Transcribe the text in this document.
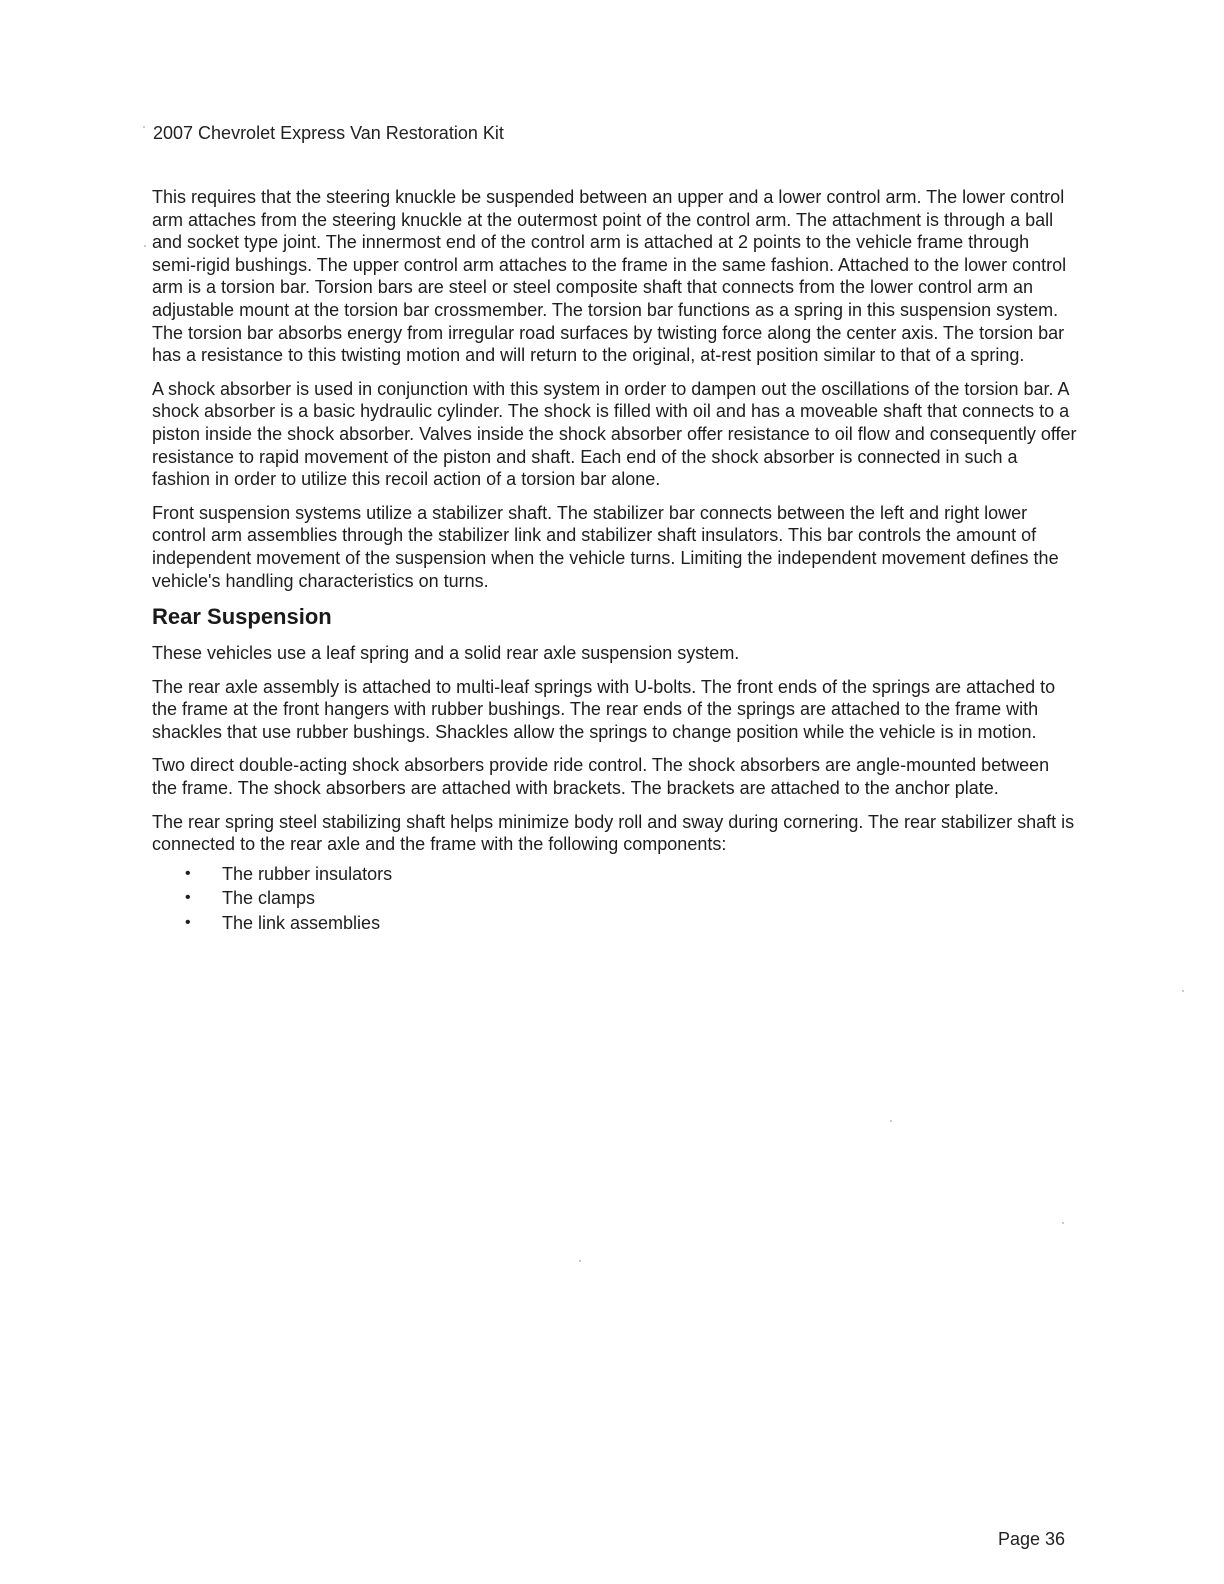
2007 Chevrolet Express Van Restoration Kit

This requires that the steering knuckle be suspended between an upper and a lower control arm. The lower control arm attaches from the steering knuckle at the outermost point of the control arm. The attachment is through a ball and socket type joint. The innermost end of the control arm is attached at 2 points to the vehicle frame through semi-rigid bushings. The upper control arm attaches to the frame in the same fashion. Attached to the lower control arm is a torsion bar. Torsion bars are steel or steel composite shaft that connects from the lower control arm an adjustable mount at the torsion bar crossmember. The torsion bar functions as a spring in this suspension system. The torsion bar absorbs energy from irregular road surfaces by twisting force along the center axis. The torsion bar has a resistance to this twisting motion and will return to the original, at-rest position similar to that of a spring.

A shock absorber is used in conjunction with this system in order to dampen out the oscillations of the torsion bar. A shock absorber is a basic hydraulic cylinder. The shock is filled with oil and has a moveable shaft that connects to a piston inside the shock absorber. Valves inside the shock absorber offer resistance to oil flow and consequently offer resistance to rapid movement of the piston and shaft. Each end of the shock absorber is connected in such a fashion in order to utilize this recoil action of a torsion bar alone.

Front suspension systems utilize a stabilizer shaft. The stabilizer bar connects between the left and right lower control arm assemblies through the stabilizer link and stabilizer shaft insulators. This bar controls the amount of independent movement of the suspension when the vehicle turns. Limiting the independent movement defines the vehicle's handling characteristics on turns.

Rear Suspension

These vehicles use a leaf spring and a solid rear axle suspension system.

The rear axle assembly is attached to multi-leaf springs with U-bolts. The front ends of the springs are attached to the frame at the front hangers with rubber bushings. The rear ends of the springs are attached to the frame with shackles that use rubber bushings. Shackles allow the springs to change position while the vehicle is in motion.

Two direct double-acting shock absorbers provide ride control. The shock absorbers are angle-mounted between the frame. The shock absorbers are attached with brackets. The brackets are attached to the anchor plate.

The rear spring steel stabilizing shaft helps minimize body roll and sway during cornering. The rear stabilizer shaft is connected to the rear axle and the frame with the following components:

• The rubber insulators
• The clamps
• The link assemblies
Page 36
